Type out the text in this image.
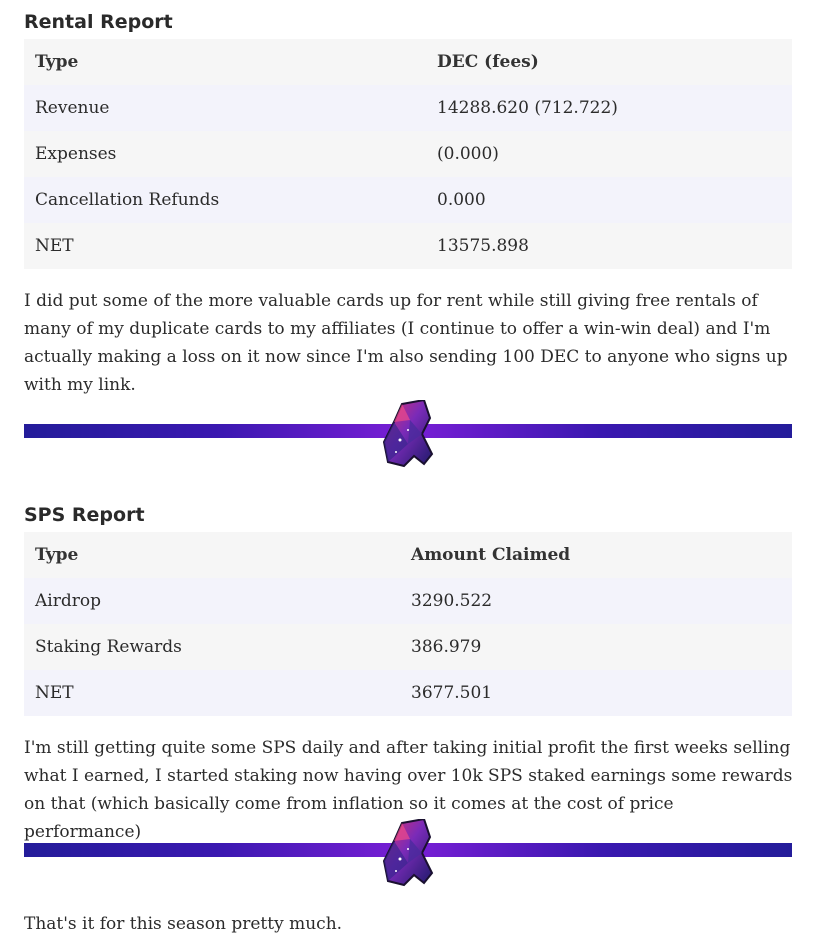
Rental Report
Type	DEC (fees)
Revenue	14288.620 (712.722)
Expenses	(0.000)
Cancellation Refunds	0.000
NET	13575.898

I did put some of the more valuable cards up for rent while still giving free rentals of many of my duplicate cards to my affiliates (I continue to offer a win-win deal) and I'm actually making a loss on it now since I'm also sending 100 DEC to anyone who signs up with my link.

SPS Report
Type	Amount Claimed
Airdrop	3290.522
Staking Rewards	386.979
NET	3677.501

I'm still getting quite some SPS daily and after taking initial profit the first weeks selling what I earned, I started staking now having over 10k SPS staked earnings some rewards on that (which basically come from inflation so it comes at the cost of price performance)

That's it for this season pretty much.
